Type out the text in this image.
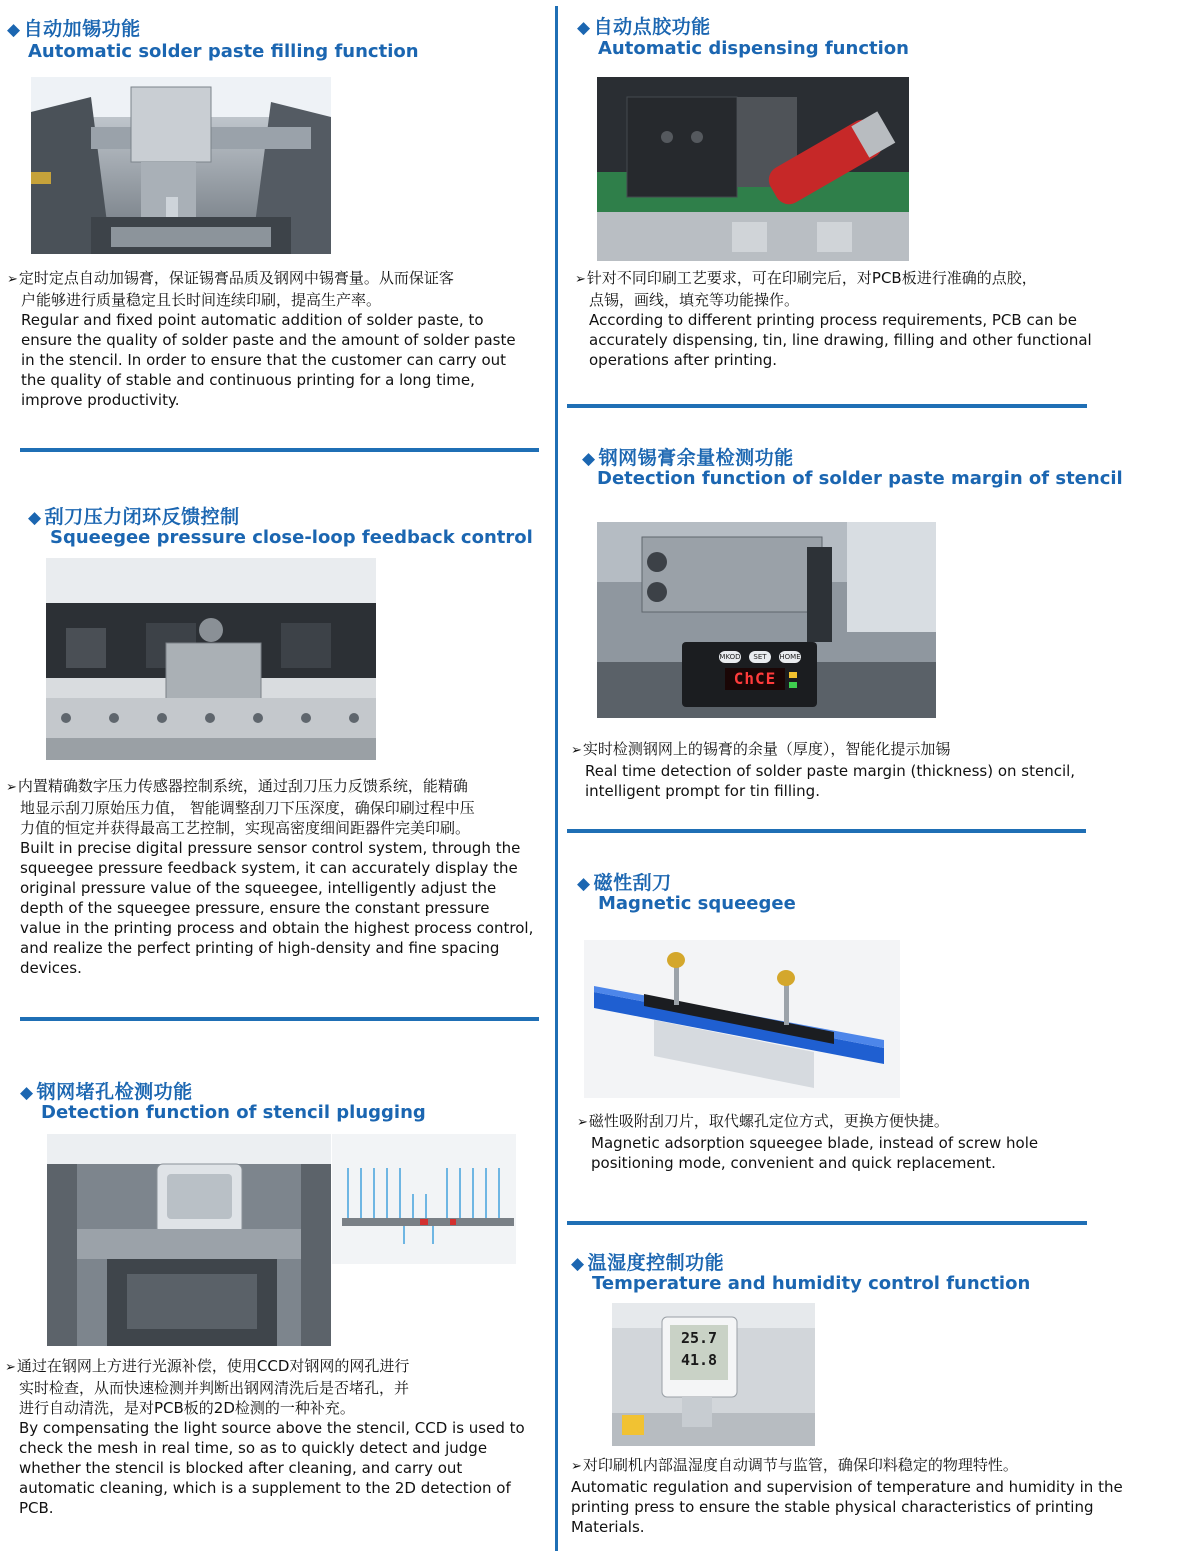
◆ 自动加锡功能
Automatic solder paste filling function

➢定时定点自动加锡膏，保证锡膏品质及钢网中锡膏量。从而保证客

户能够进行质量稳定且长时间连续印刷，提高生产率。

Regular and fixed point automatic addition of solder paste, to ensure the quality of solder paste and the amount of solder paste in the stencil. In order to ensure that the customer can carry out the quality of stable and continuous printing for a long time, improve productivity.

◆ 刮刀压力闭环反馈控制
Squeegee pressure close-loop feedback control

➢内置精确数字压力传感器控制系统，通过刮刀压力反馈系统，能精确

地显示刮刀原始压力值， 智能调整刮刀下压深度，确保印刷过程中压

力值的恒定并获得最高工艺控制，实现高密度细间距器件完美印刷。

Built in precise digital pressure sensor control system, through the squeegee pressure feedback system, it can accurately display the original pressure value of the squeegee, intelligently adjust the depth of the squeegee pressure, ensure the constant pressure value in the printing process and obtain the highest process control, and realize the perfect printing of high-density and fine spacing devices.

◆ 钢网堵孔检测功能
Detection function of stencil plugging

➢通过在钢网上方进行光源补偿，使用CCD对钢网的网孔进行

实时检查，从而快速检测并判断出钢网清洗后是否堵孔，并

进行自动清洗，是对PCB板的2D检测的一种补充。

By compensating the light source above the stencil, CCD is used to check the mesh in real time, so as to quickly detect and judge whether the stencil is blocked after cleaning, and carry out automatic cleaning, which is a supplement to the 2D detection of PCB.

◆ 自动点胶功能
Automatic dispensing function

➢针对不同印刷工艺要求，可在印刷完后，对PCB板进行准确的点胶，

点锡，画线，填充等功能操作。

According to different printing process requirements, PCB can be accurately dispensing, tin, line drawing, filling and other functional operations after printing.

◆ 钢网锡膏余量检测功能
Detection function of solder paste margin of stencil
MKOD	SET	HOME
ChCE

➢实时检测钢网上的锡膏的余量（厚度），智能化提示加锡

Real time detection of solder paste margin (thickness) on stencil, intelligent prompt for tin filling.

◆ 磁性刮刀
Magnetic squeegee

➢磁性吸附刮刀片，取代螺孔定位方式，更换方便快捷。

Magnetic adsorption squeegee blade, instead of screw hole positioning mode, convenient and quick replacement.

◆ 温湿度控制功能
Temperature and humidity control function
25.7
41.8

➢对印刷机内部温湿度自动调节与监管，确保印料稳定的物理特性。

Automatic regulation and supervision of temperature and humidity in the printing press to ensure the stable physical characteristics of printing Materials.
